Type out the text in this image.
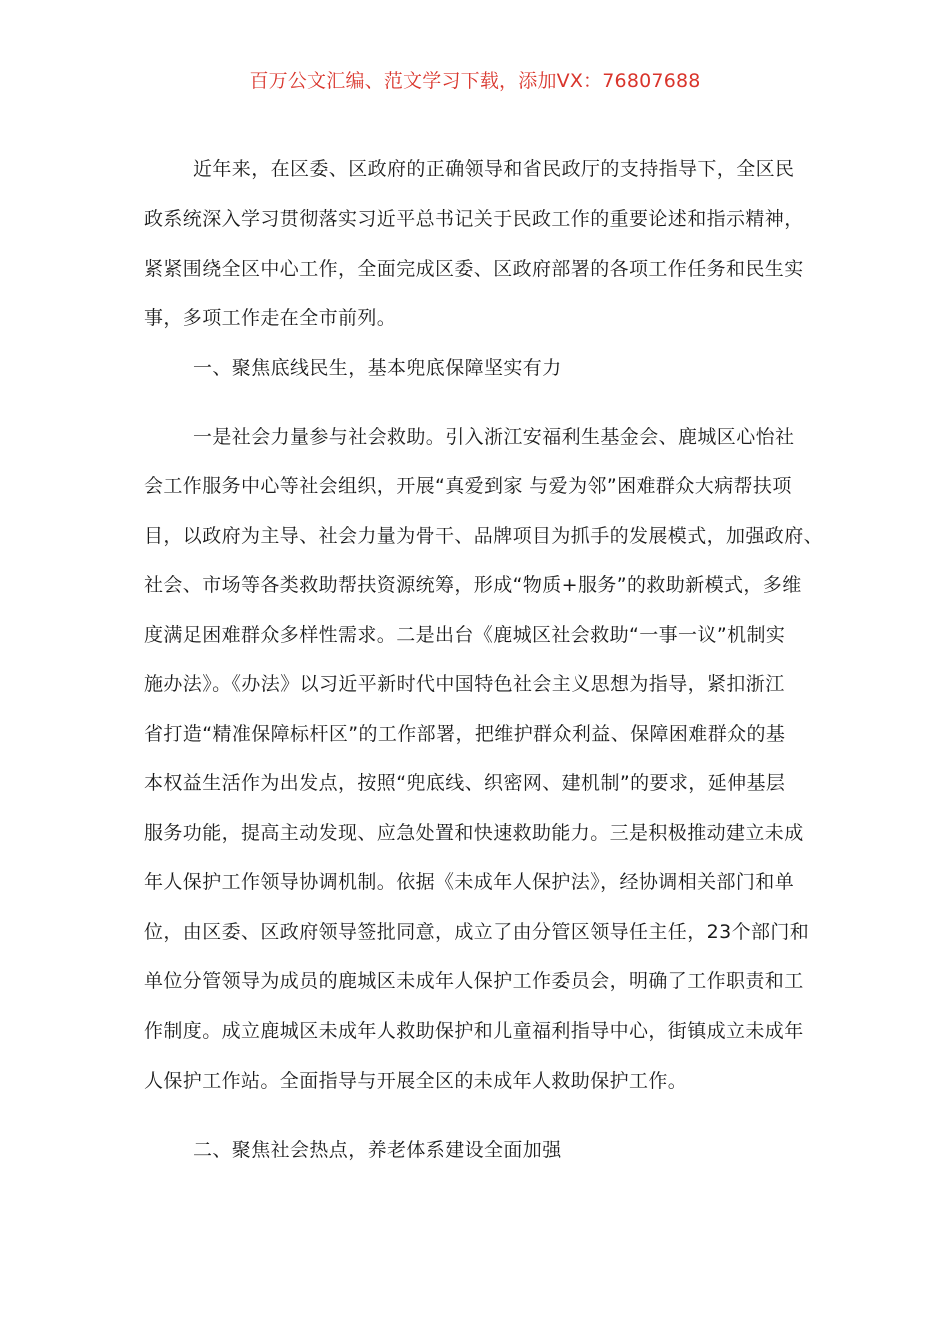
百万公文汇编、范文学习下载，添加VX：76807688
近年来，在区委、区政府的正确领导和省民政厅的支持指导下，全区民
政系统深入学习贯彻落实习近平总书记关于民政工作的重要论述和指示精神，
紧紧围绕全区中心工作，全面完成区委、区政府部署的各项工作任务和民生实
事，多项工作走在全市前列。
一、聚焦底线民生，基本兜底保障坚实有力
一是社会力量参与社会救助。引入浙江安福利生基金会、鹿城区心怡社
会工作服务中心等社会组织，开展“真爱到家 与爱为邻”困难群众大病帮扶项
目，以政府为主导、社会力量为骨干、品牌项目为抓手的发展模式，加强政府、
社会、市场等各类救助帮扶资源统筹，形成“物质+服务”的救助新模式，多维
度满足困难群众多样性需求。二是出台《鹿城区社会救助“一事一议”机制实
施办法》。《办法》以习近平新时代中国特色社会主义思想为指导，紧扣浙江
省打造“精准保障标杆区”的工作部署，把维护群众利益、保障困难群众的基
本权益生活作为出发点，按照“兜底线、织密网、建机制”的要求，延伸基层
服务功能，提高主动发现、应急处置和快速救助能力。三是积极推动建立未成
年人保护工作领导协调机制。依据《未成年人保护法》，经协调相关部门和单
位，由区委、区政府领导签批同意，成立了由分管区领导任主任，23个部门和
单位分管领导为成员的鹿城区未成年人保护工作委员会，明确了工作职责和工
作制度。成立鹿城区未成年人救助保护和儿童福利指导中心，街镇成立未成年
人保护工作站。全面指导与开展全区的未成年人救助保护工作。
二、聚焦社会热点，养老体系建设全面加强
